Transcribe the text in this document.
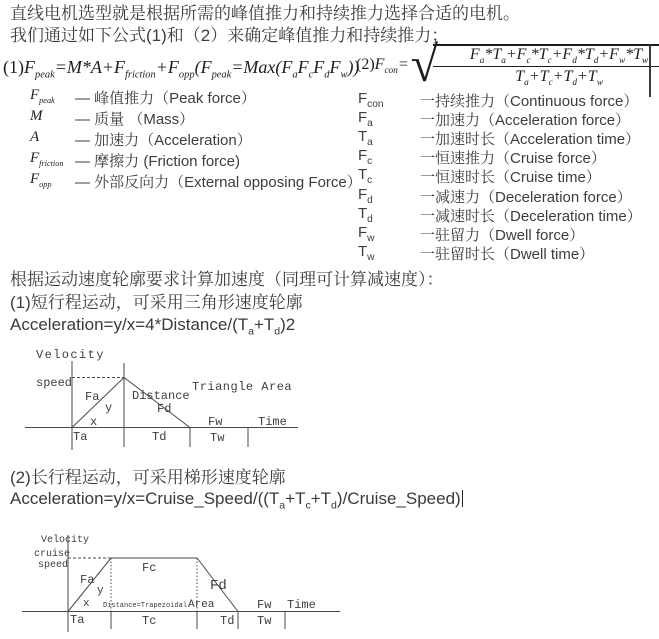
直线电机选型就是根据所需的峰值推力和持续推力选择合适的电机。
我们通过如下公式(1)和（2）来确定峰值推力和持续推力；
$(1)F_{peak}=M*A+F_{friction}+F_{opp}(F_{peak}=Max(F_aF_cF_dF_w))$
(2) $F_{con}=$ √
$\frac{F_a*T_a+F_c*T_c+F_d*T_d+F_w*T_w}{T_a+T_c+T_d+T_w}$
$F_{peak}$ — 峰值推力（Peak force）
M — 质量 （Mass）
A — 加速力（Acceleration）
$F_{friction}$ — 摩擦力 (Friction force)
$F_{opp}$ — 外部反向力（External opposing Force）
$F_{con}$ 一持续推力（Continuous force）
$F_a$	一加速力（Acceleration force）
$T_a$	一加速时长（Acceleration time）
$F_c$	一恒速推力（Cruise force）
$T_c$	一恒速时长（Cruise time）
$F_d$	一减速力（Deceleration force）
$T_d$	一减速时长（Deceleration time）
$F_w$	一驻留力（Dwell force）
$T_w$	一驻留时长（Dwell time）
根据运动速度轮廓要求计算加速度（同理可计算减速度）：
(1)短行程运动，可采用三角形速度轮廓
$Acceleration=y/x=4*Distance/(T_a+T_d)2$
Velocity
speed
Fa
y
x
Distance
Fd
Triangle Area
Fw	Time
Ta	Td	Tw
(2)长行程运动，可采用梯形速度轮廓
$Acceleration=y/x=Cruise\_Speed/((T_a+T_c+T_d)/Cruise\_Speed)$
Velocity
cruise
speed
Fa
y
x
Fc
Fd
Distance=Trapezoidal Area	Fw Time
Ta	Tc	Td Tw
